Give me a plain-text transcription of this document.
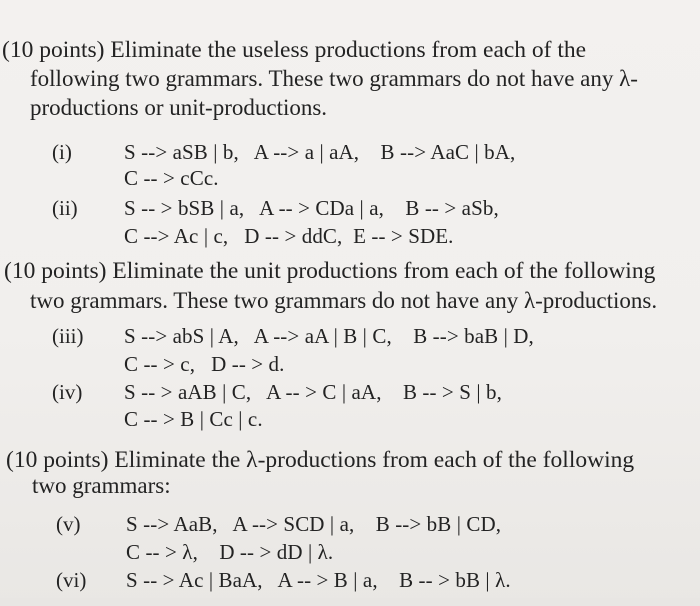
(10 points) Eliminate the useless productions from each of the
following two grammars. These two grammars do not have any λ-
productions or unit-productions.
(i) S --> aSB | b,   A --> a | aA,    B --> AaC | bA,
C -- > cCc.
(ii) S -- > bSB | a,   A -- > CDa | a,    B -- > aSb,
C --> Ac | c,   D -- > ddC,  E -- > SDE.
(10 points) Eliminate the unit productions from each of the following
two grammars. These two grammars do not have any λ-productions.
(iii) S --> abS | A,   A --> aA | B | C,    B --> baB | D,
C -- > c,   D -- > d.
(iv) S -- > aAB | C,   A -- > C | aA,    B -- > S | b,
C -- > B | Cc | c.
(10 points) Eliminate the λ-productions from each of the following
two grammars:
(v) S --> AaB,   A --> SCD | a,    B --> bB | CD,
C -- > λ,    D -- > dD | λ.
(vi) S -- > Ac | BaA,   A -- > B | a,    B -- > bB | λ.
